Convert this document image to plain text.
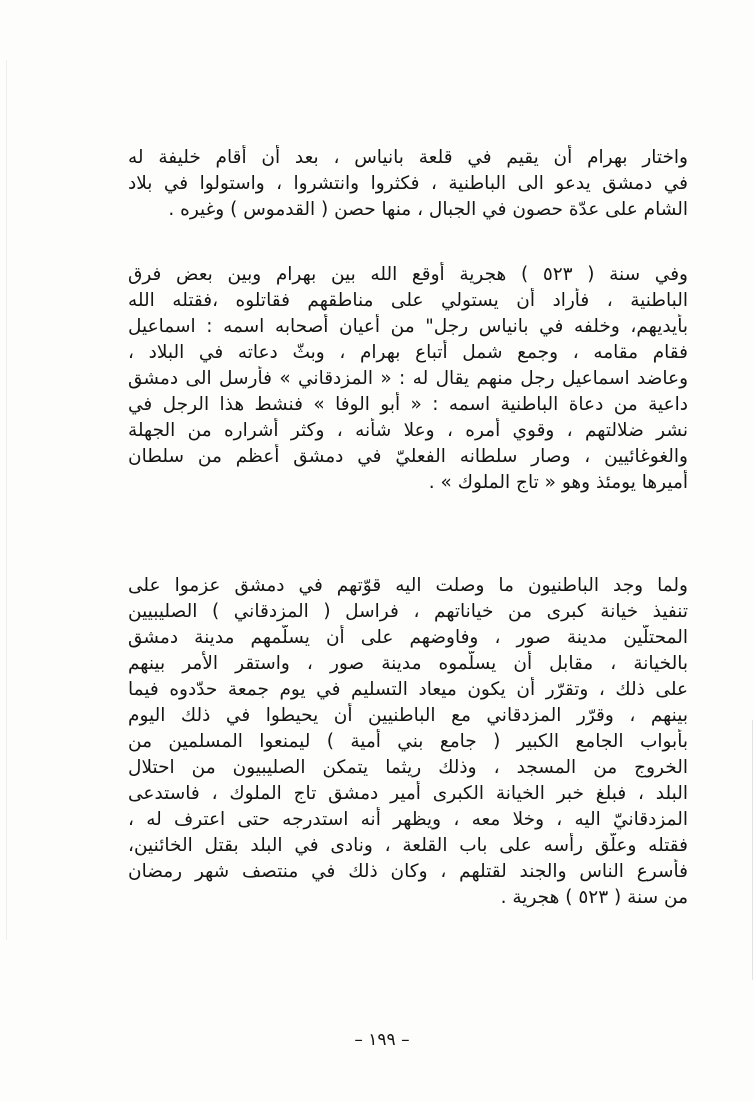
واختار بهرام أن يقيم في قلعة بانياس ، بعد أن أقام خليفة له
في دمشق يدعو الى الباطنية ، فكثروا وانتشروا ، واستولوا في بلاد
الشام على عدّة حصون في الجبال ، منها حصن ( القدموس ) وغيره .
وفي سنة ( ٥٢٣ ) هجرية أوقع الله بين بهرام وبين بعض فرق
الباطنية ، فأراد أن يستولي على مناطقهم فقاتلوه ،فقتله الله
بأيديهم، وخلفه في بانياس رجل" من أعيان أصحابه اسمه : اسماعيل
فقام مقامه ، وجمع شمل أتباع بهرام ، وبثّ دعاته في البلاد ،
وعاضد اسماعيل رجل منهم يقال له : « المزدقاني » فأرسل الى دمشق
داعية من دعاة الباطنية اسمه : « أبو الوفا » فنشط هذا الرجل في
نشر ضلالتهم ، وقوي أمره ، وعلا شأنه ، وكثر أشراره من الجهلة
والغوغائيين ، وصار سلطانه الفعليّ في دمشق أعظم من سلطان
أميرها يومئذ وهو « تاج الملوك » .
ولما وجد الباطنيون ما وصلت اليه قوّتهم في دمشق عزموا على
تنفيذ خيانة كبرى من خياناتهم ، فراسل ( المزدقاني ) الصليبيين
المحتلّين مدينة صور ، وفاوضهم على أن يسلّمهم مدينة دمشق
بالخيانة ، مقابل أن يسلّموه مدينة صور ، واستقر الأمر بينهم
على ذلك ، وتقرّر أن يكون ميعاد التسليم في يوم جمعة حدّدوه فيما
بينهم ، وقرّر المزدقاني مع الباطنيين أن يحيطوا في ذلك اليوم
بأبواب الجامع الكبير ( جامع بني أمية ) ليمنعوا المسلمين من
الخروج من المسجد ، وذلك ريثما يتمكن الصليبيون من احتلال
البلد ، فبلغ خبر الخيانة الكبرى أمير دمشق تاج الملوك ، فاستدعى
المزدقانيّ اليه ، وخلا معه ، ويظهر أنه استدرجه حتى اعترف له ،
فقتله وعلّق رأسه على باب القلعة ، ونادى في البلد بقتل الخائنين،
فأسرع الناس والجند لقتلهم ، وكان ذلك في منتصف شهر رمضان
من سنة ( ٥٢٣ ) هجرية .
– ١٩٩ –
